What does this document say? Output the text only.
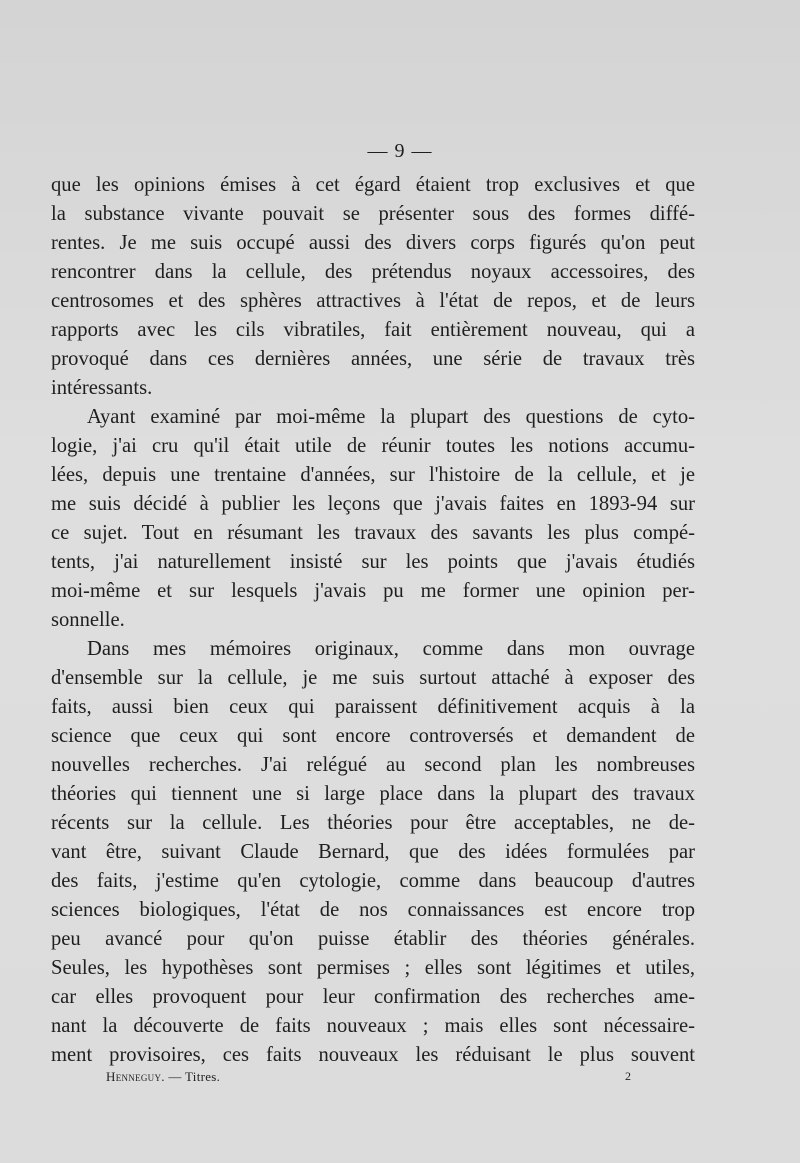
— 9 —
que les opinions émises à cet égard étaient trop exclusives et que
la substance vivante pouvait se présenter sous des formes diffé-
rentes. Je me suis occupé aussi des divers corps figurés qu'on peut
rencontrer dans la cellule, des prétendus noyaux accessoires, des
centrosomes et des sphères attractives à l'état de repos, et de leurs
rapports avec les cils vibratiles, fait entièrement nouveau, qui a
provoqué dans ces dernières années, une série de travaux très
intéressants.
Ayant examiné par moi-même la plupart des questions de cyto-
logie, j'ai cru qu'il était utile de réunir toutes les notions accumu-
lées, depuis une trentaine d'années, sur l'histoire de la cellule, et je
me suis décidé à publier les leçons que j'avais faites en 1893-94 sur
ce sujet. Tout en résumant les travaux des savants les plus compé-
tents, j'ai naturellement insisté sur les points que j'avais étudiés
moi-même et sur lesquels j'avais pu me former une opinion per-
sonnelle.
Dans mes mémoires originaux, comme dans mon ouvrage
d'ensemble sur la cellule, je me suis surtout attaché à exposer des
faits, aussi bien ceux qui paraissent définitivement acquis à la
science que ceux qui sont encore controversés et demandent de
nouvelles recherches. J'ai relégué au second plan les nombreuses
théories qui tiennent une si large place dans la plupart des travaux
récents sur la cellule. Les théories pour être acceptables, ne de-
vant être, suivant Claude Bernard, que des idées formulées par
des faits, j'estime qu'en cytologie, comme dans beaucoup d'autres
sciences biologiques, l'état de nos connaissances est encore trop
peu avancé pour qu'on puisse établir des théories générales.
Seules, les hypothèses sont permises ; elles sont légitimes et utiles,
car elles provoquent pour leur confirmation des recherches ame-
nant la découverte de faits nouveaux ; mais elles sont nécessaire-
ment provisoires, ces faits nouveaux les réduisant le plus souvent
Henneguy. — Titres.	2
